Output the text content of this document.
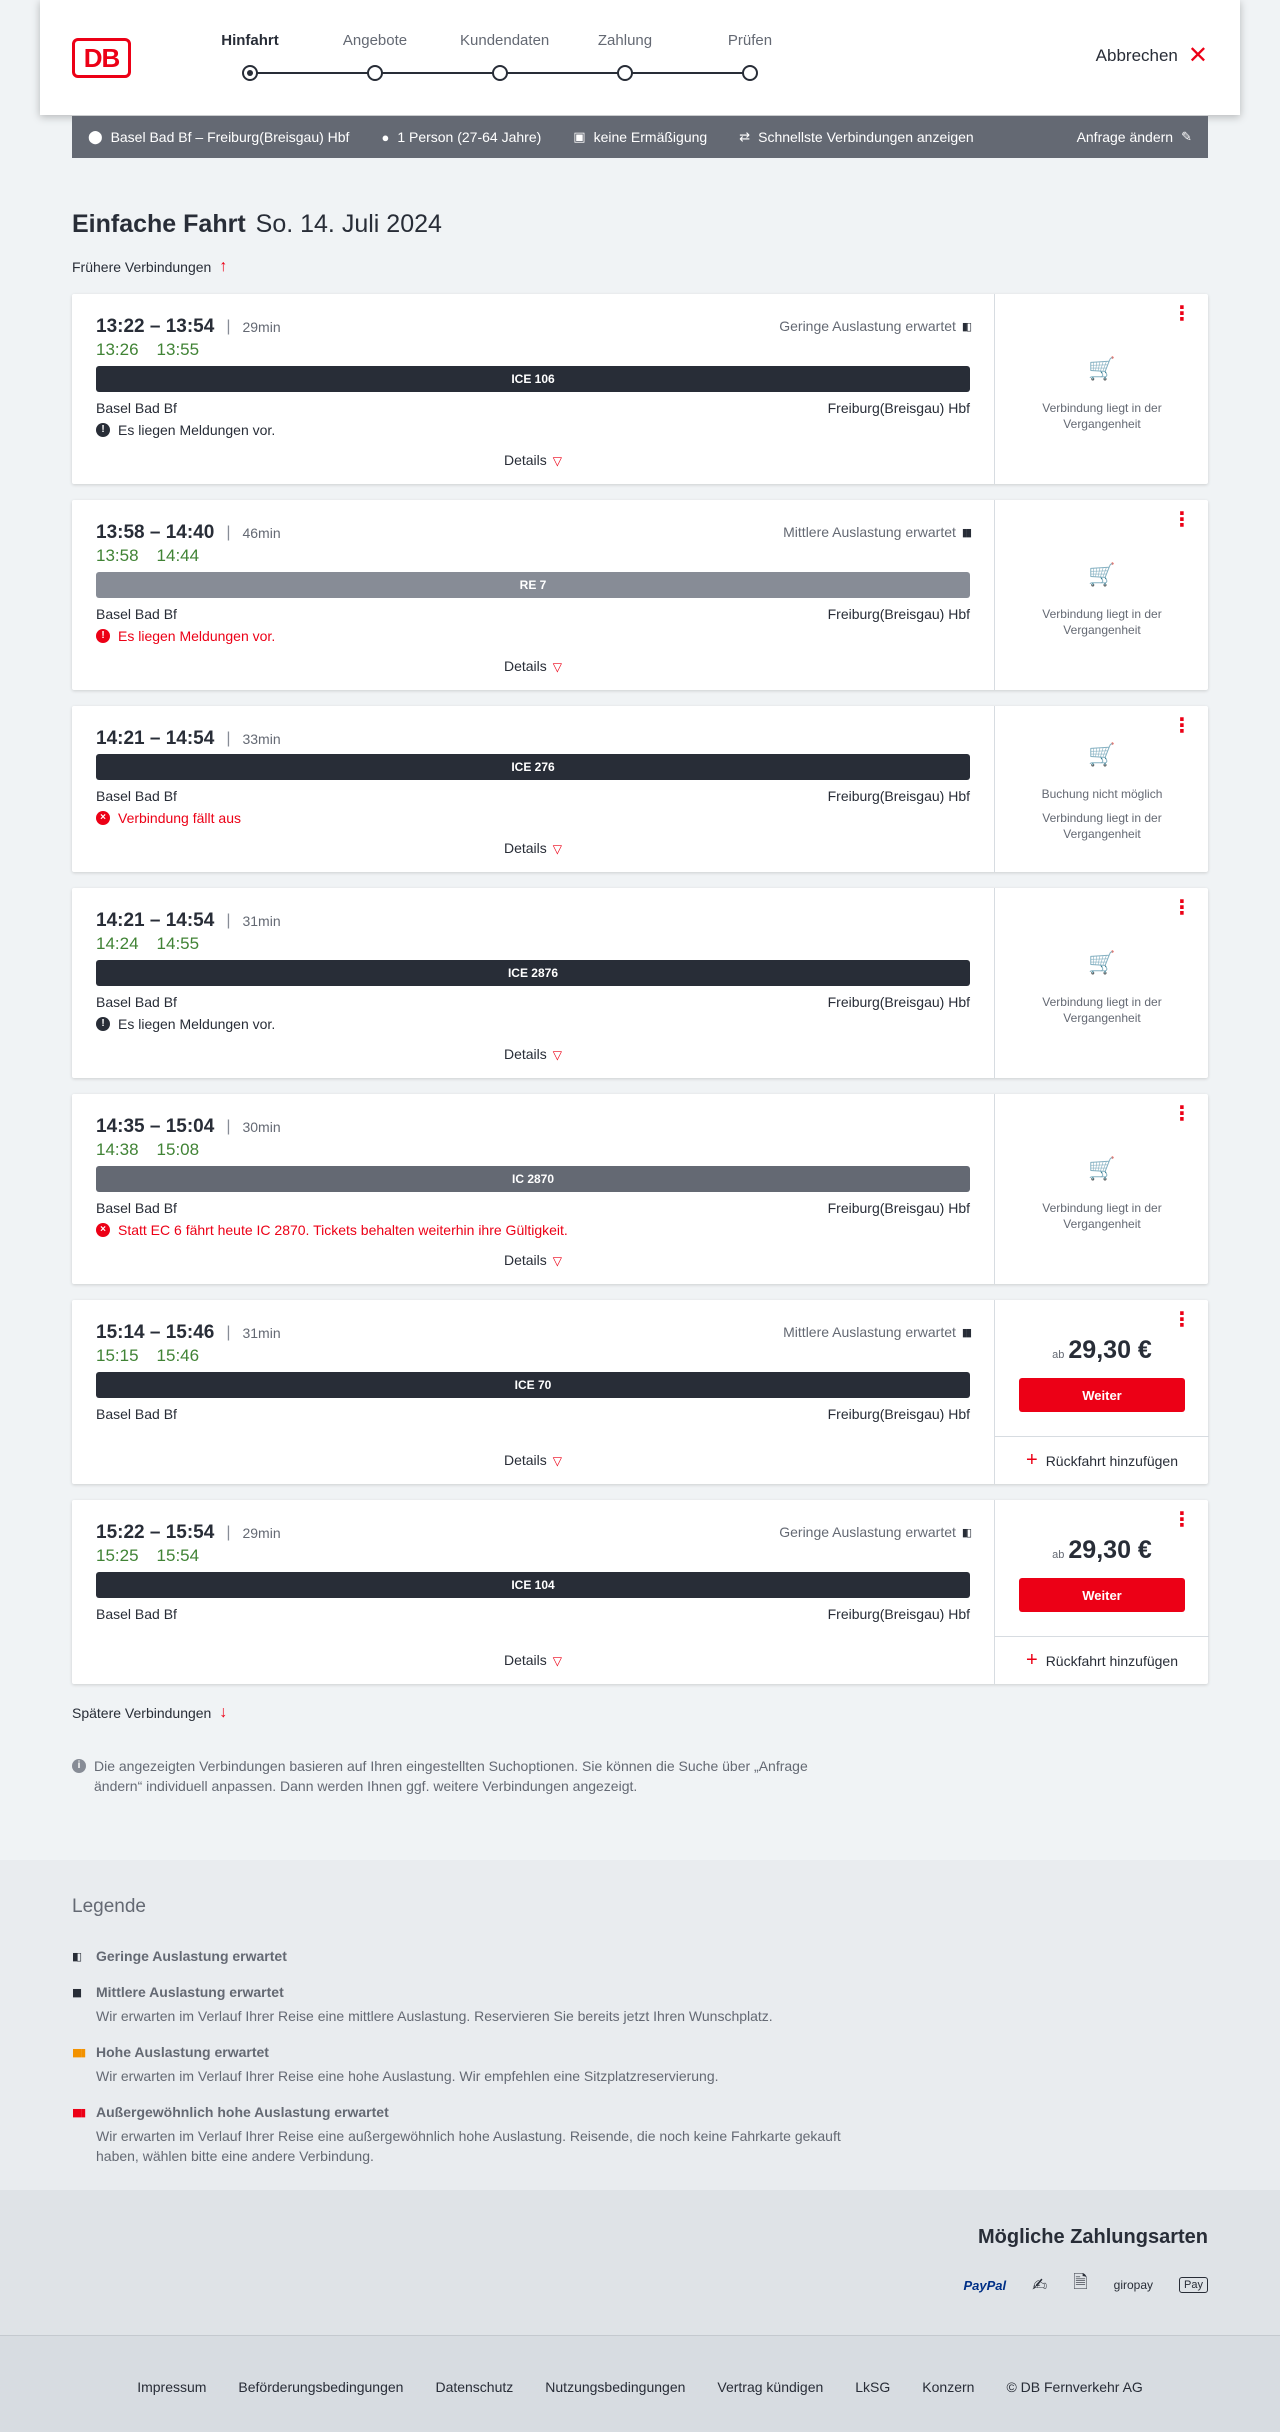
DB
Hinfahrt	Angebote	Kundendaten	Zahlung	Prüfen
Abbrechen ✕
⬤ Basel Bad Bf – Freiburg(Breisgau) Hbf ● 1 Person (27-64 Jahre) ▣ keine Ermäßigung ⇄ Schnellste Verbindungen anzeigen	Anfrage ändern ✎
Einfache Fahrt So. 14. Juli 2024
Frühere Verbindungen ↑
13:22 – 13:54 | 29min
13:26 13:55
Geringe Auslastung erwartet ▮▯
ICE 106
Basel Bad Bf	Freiburg(Breisgau) Hbf
! Es liegen Meldungen vor.
Details ▽
⋮
🛒
Verbindung liegt in der Vergangenheit
13:58 – 14:40 | 46min
13:58 14:44
Mittlere Auslastung erwartet ▮▮
RE 7
Basel Bad Bf	Freiburg(Breisgau) Hbf
! Es liegen Meldungen vor.
Details ▽
⋮
🛒
Verbindung liegt in der Vergangenheit
14:21 – 14:54 | 33min
ICE 276
Basel Bad Bf	Freiburg(Breisgau) Hbf
× Verbindung fällt aus
Details ▽
⋮
🛒
Buchung nicht möglich
Verbindung liegt in der Vergangenheit
14:21 – 14:54 | 31min
14:24 14:55
ICE 2876
Basel Bad Bf	Freiburg(Breisgau) Hbf
! Es liegen Meldungen vor.
Details ▽
⋮
🛒
Verbindung liegt in der Vergangenheit
14:35 – 15:04 | 30min
14:38 15:08
IC 2870
Basel Bad Bf	Freiburg(Breisgau) Hbf
× Statt EC 6 fährt heute IC 2870. Tickets behalten weiterhin ihre Gültigkeit.
Details ▽
⋮
🛒
Verbindung liegt in der Vergangenheit
15:14 – 15:46 | 31min
15:15 15:46
Mittlere Auslastung erwartet ▮▮
ICE 70
Basel Bad Bf	Freiburg(Breisgau) Hbf
Details ▽
⋮
ab 29,30 €
Weiter
+ Rückfahrt hinzufügen
15:22 – 15:54 | 29min
15:25 15:54
Geringe Auslastung erwartet ▮▯
ICE 104
Basel Bad Bf	Freiburg(Breisgau) Hbf
Details ▽
⋮
ab 29,30 €
Weiter
+ Rückfahrt hinzufügen
Spätere Verbindungen ↓
i Die angezeigten Verbindungen basieren auf Ihren eingestellten Suchoptionen. Sie können die Suche über „Anfrage ändern“ individuell anpassen. Dann werden Ihnen ggf. weitere Verbindungen angezeigt.
Legende
▮▯	Geringe Auslastung erwartet
▮▮	Mittlere Auslastung erwartet
Wir erwarten im Verlauf Ihrer Reise eine mittlere Auslastung. Reservieren Sie bereits jetzt Ihren Wunschplatz.
▮▮▮ Hohe Auslastung erwartet
Wir erwarten im Verlauf Ihrer Reise eine hohe Auslastung. Wir empfehlen eine Sitzplatzreservierung.
▮▮▮ Außergewöhnlich hohe Auslastung erwartet
Wir erwarten im Verlauf Ihrer Reise eine außergewöhnlich hohe Auslastung. Reisende, die noch keine Fahrkarte gekauft haben, wählen bitte eine andere Verbindung.
Mögliche Zahlungsarten
PayPal ✍ 🗎 giropay	Pay
Impressum Beförderungsbedingungen Datenschutz Nutzungsbedingungen Vertrag kündigen LkSG Konzern © DB Fernverkehr AG
